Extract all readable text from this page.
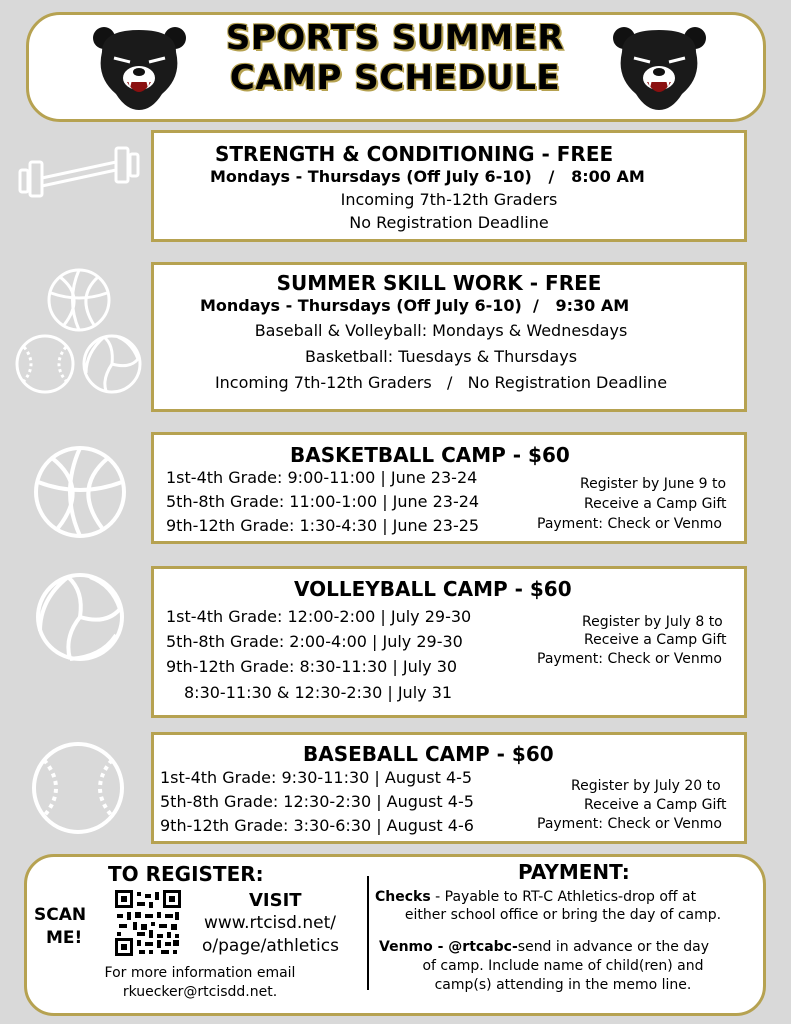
SPORTS SUMMER
CAMP SCHEDULE
STRENGTH & CONDITIONING - FREE
Mondays - Thursdays (Off July 6-10)   /   8:00 AM
Incoming 7th-12th Graders
No Registration Deadline
SUMMER SKILL WORK - FREE
Mondays - Thursdays (Off July 6-10)  /   9:30 AM
Baseball & Volleyball: Mondays & Wednesdays
Basketball: Tuesdays & Thursdays
Incoming 7th-12th Graders   /   No Registration Deadline
BASKETBALL CAMP - $60
1st-4th Grade: 9:00-11:00 | June 23-24
5th-8th Grade: 11:00-1:00 | June 23-24
9th-12th Grade: 1:30-4:30 | June 23-25
Register by June 9 to
Receive a Camp Gift
Payment: Check or Venmo
VOLLEYBALL CAMP - $60
1st-4th Grade: 12:00-2:00 | July 29-30
5th-8th Grade: 2:00-4:00 | July 29-30
9th-12th Grade: 8:30-11:30 | July 30
8:30-11:30 & 12:30-2:30 | July 31
Register by July 8 to
Receive a Camp Gift
Payment: Check or Venmo
BASEBALL CAMP - $60
1st-4th Grade: 9:30-11:30 | August 4-5
5th-8th Grade: 12:30-2:30 | August 4-5
9th-12th Grade: 3:30-6:30 | August 4-6
Register by July 20 to
Receive a Camp Gift
Payment: Check or Venmo
TO REGISTER:
SCAN
ME!
VISIT
www.rtcisd.net/
o/page/athletics
For more information email
rkuecker@rtcisdd.net.
PAYMENT:
Checks - Payable to RT-C Athletics-drop off at
either school office or bring the day of camp.
Venmo - @rtcabc-send in advance or the day
of camp. Include name of child(ren) and
camp(s) attending in the memo line.
